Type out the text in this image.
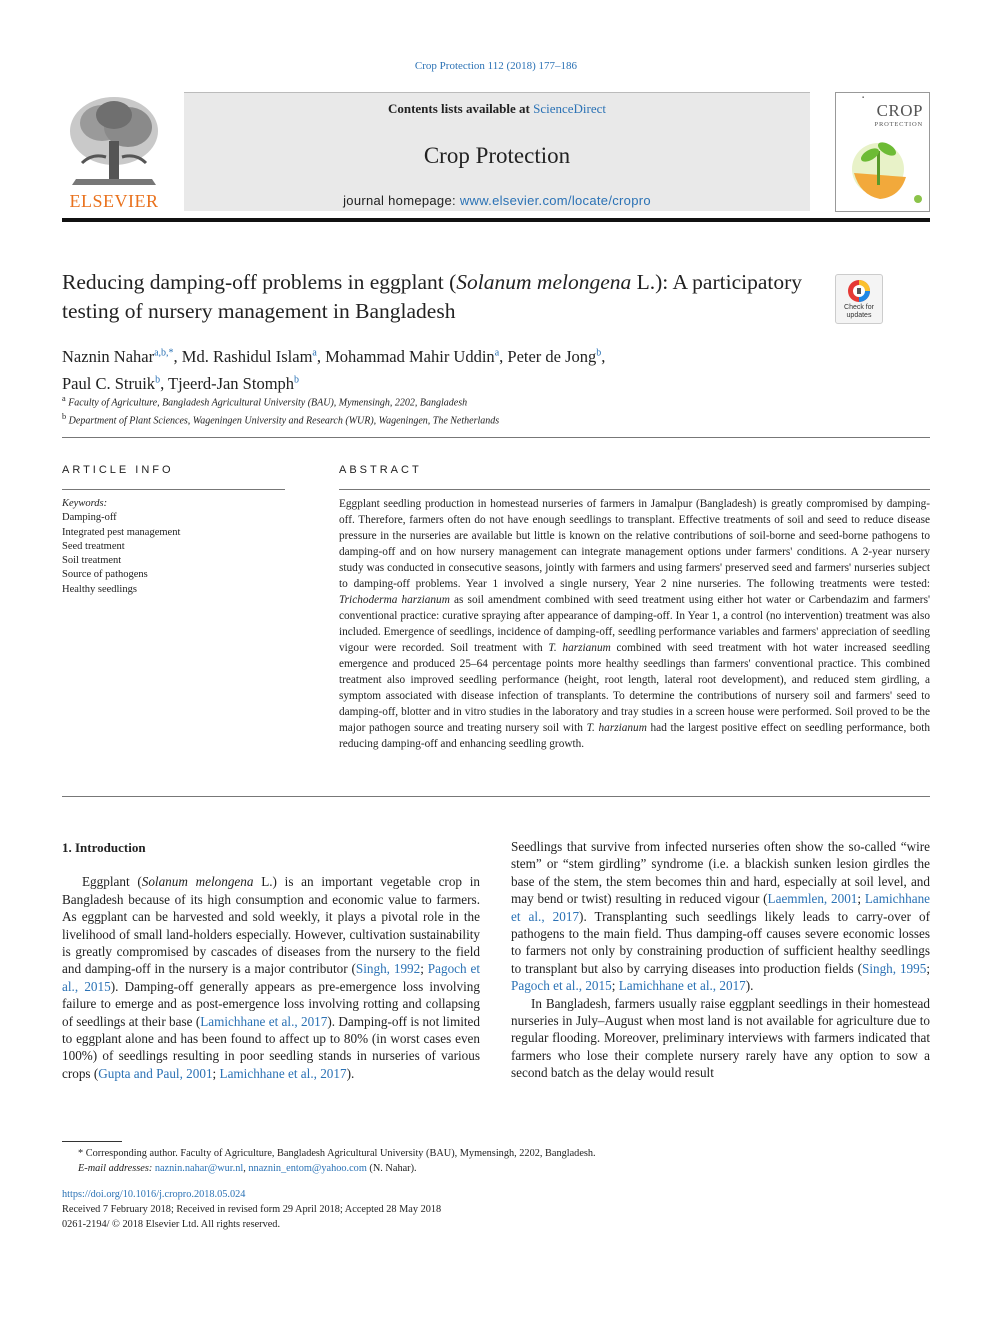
Crop Protection 112 (2018) 177–186
ELSEVIER
Contents lists available at ScienceDirect
Crop Protection
journal homepage: www.elsevier.com/locate/cropro
▪
CROP
PROTECTION
Reducing damping-off problems in eggplant (Solanum melongena L.): A participatory testing of nursery management in Bangladesh	Check for updates
Naznin Nahar$^{a,b,*}$, Md. Rashidul Islam$^a$, Mohammad Mahir Uddin$^a$, Peter de Jong$^b$,
Paul C. Struik$^b$, Tjeerd-Jan Stomph$^b$
$^a$ Faculty of Agriculture, Bangladesh Agricultural University (BAU), Mymensingh, 2202, Bangladesh
$^b$ Department of Plant Sciences, Wageningen University and Research (WUR), Wageningen, The Netherlands
ARTICLE INFO
Keywords:
Damping-off
Integrated pest management
Seed treatment
Soil treatment
Source of pathogens
Healthy seedlings
ABSTRACT
Eggplant seedling production in homestead nurseries of farmers in Jamalpur (Bangladesh) is greatly compromised by damping-off. Therefore, farmers often do not have enough seedlings to transplant. Effective treatments of soil and seed to reduce disease pressure in the nurseries are available but little is known on the relative contributions of soil-borne and seed-borne pathogens to damping-off and on how nursery management can integrate management options under farmers' conditions. A 2-year nursery study was conducted in consecutive seasons, jointly with farmers and using farmers' preserved seed and farmers' nurseries subject to damping-off problems. Year 1 involved a single nursery, Year 2 nine nurseries. The following treatments were tested: Trichoderma harzianum as soil amendment combined with seed treatment using either hot water or Carbendazim and farmers' conventional practice: curative spraying after appearance of damping-off. In Year 1, a control (no intervention) treatment was also included. Emergence of seedlings, incidence of damping-off, seedling performance variables and farmers' appreciation of seedling vigour were recorded. Soil treatment with T. harzianum combined with seed treatment with hot water increased seedling emergence and produced 25–64 percentage points more healthy seedlings than farmers' conventional practice. This combined treatment also improved seedling performance (height, root length, lateral root development), and reduced stem girdling, a symptom associated with disease infection of transplants. To determine the contributions of nursery soil and farmers' seed to damping-off, blotter and in vitro studies in the laboratory and tray studies in a screen house were performed. Soil proved to be the major pathogen source and treating nursery soil with T. harzianum had the largest positive effect on seedling performance, both reducing damping-off and enhancing seedling growth.
1. Introduction

Eggplant (Solanum melongena L.) is an important vegetable crop in Bangladesh because of its high consumption and economic value to farmers. As eggplant can be harvested and sold weekly, it plays a pivotal role in the livelihood of small land-holders especially. However, cultivation sustainability is greatly compromised by cascades of diseases from the nursery to the field and damping-off in the nursery is a major contributor (Singh, 1992; Pagoch et al., 2015). Damping-off generally appears as pre-emergence loss involving failure to emerge and as post-emergence loss involving rotting and collapsing of seedlings at their base (Lamichhane et al., 2017). Damping-off is not limited to eggplant alone and has been found to affect up to 80% (in worst cases even 100%) of seedlings resulting in poor seedling stands in nurseries of various crops (Gupta and Paul, 2001; Lamichhane et al., 2017).

Seedlings that survive from infected nurseries often show the so-called “wire stem” or “stem girdling” syndrome (i.e. a blackish sunken lesion girdles the base of the stem, the stem becomes thin and hard, especially at soil level, and may bend or twist) resulting in reduced vigour (Laemmlen, 2001; Lamichhane et al., 2017). Transplanting such seedlings likely leads to carry-over of pathogens to the main field. Thus damping-off causes severe economic losses to farmers not only by constraining production of sufficient healthy seedlings to transplant but also by carrying diseases into production fields (Singh, 1995; Pagoch et al., 2015; Lamichhane et al., 2017).

In Bangladesh, farmers usually raise eggplant seedlings in their homestead nurseries in July–August when most land is not available for agriculture due to regular flooding. Moreover, preliminary interviews with farmers indicated that farmers who lose their complete nursery rarely have any option to sow a second batch as the delay would result

* Corresponding author. Faculty of Agriculture, Bangladesh Agricultural University (BAU), Mymensingh, 2202, Bangladesh.
E-mail addresses: naznin.nahar@wur.nl, nnaznin_entom@yahoo.com (N. Nahar).
https://doi.org/10.1016/j.cropro.2018.05.024
Received 7 February 2018; Received in revised form 29 April 2018; Accepted 28 May 2018
0261-2194/ © 2018 Elsevier Ltd. All rights reserved.
